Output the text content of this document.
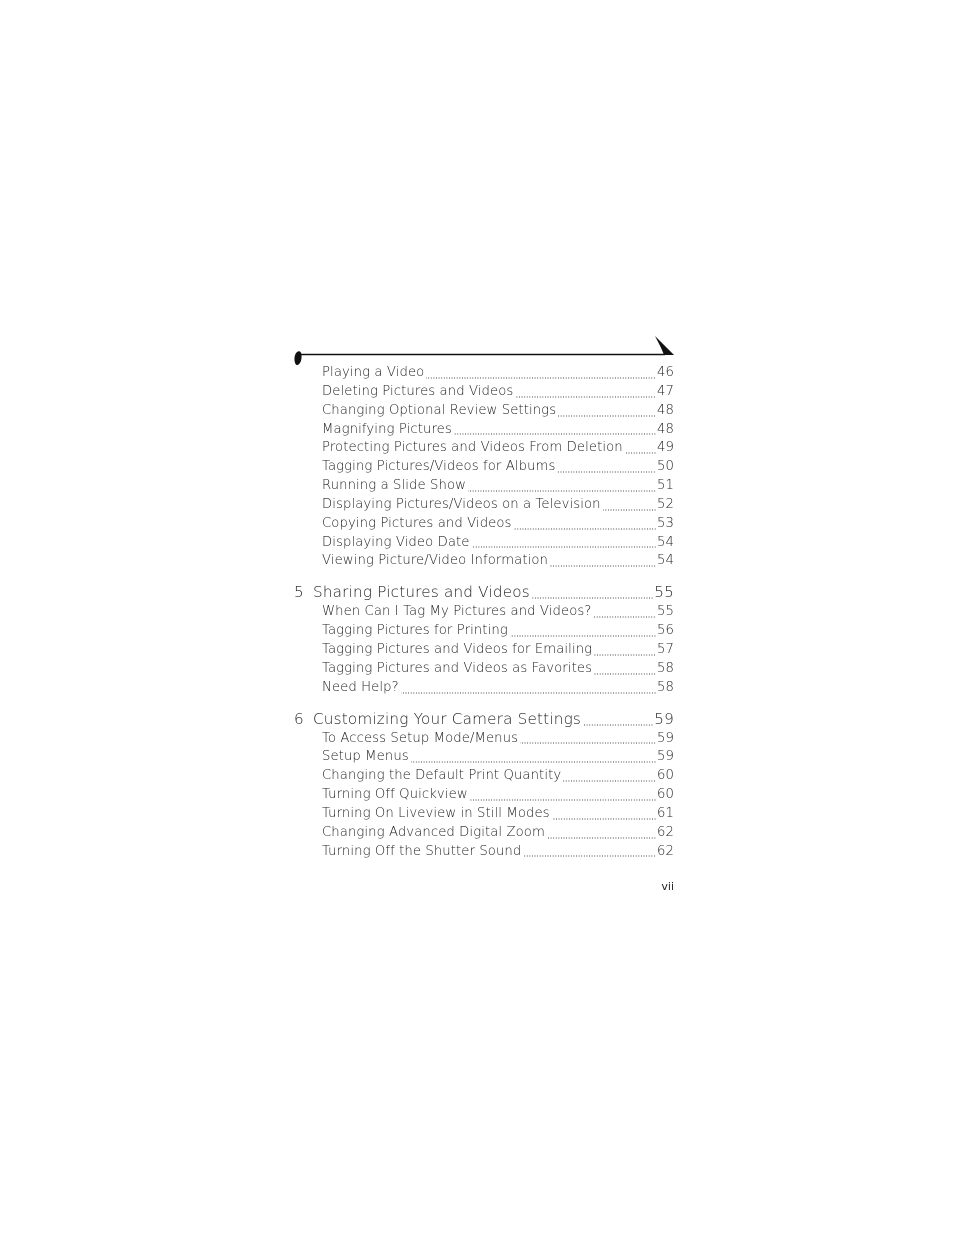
Playing a Video	46
Deleting Pictures and Videos	47
Changing Optional Review Settings	48
Magnifying Pictures	48
Protecting Pictures and Videos From Deletion	49
Tagging Pictures/Videos for Albums	50
Running a Slide Show	51
Displaying Pictures/Videos on a Television	52
Copying Pictures and Videos	53
Displaying Video Date	54
Viewing Picture/Video Information	54
5 Sharing Pictures and Videos	55
When Can I Tag My Pictures and Videos?	55
Tagging Pictures for Printing	56
Tagging Pictures and Videos for Emailing	57
Tagging Pictures and Videos as Favorites	58
Need Help?	58
6 Customizing Your Camera Settings	59
To Access Setup Mode/Menus	59
Setup Menus	59
Changing the Default Print Quantity	60
Turning Off Quickview	60
Turning On Liveview in Still Modes	61
Changing Advanced Digital Zoom	62
Turning Off the Shutter Sound	62
vii
